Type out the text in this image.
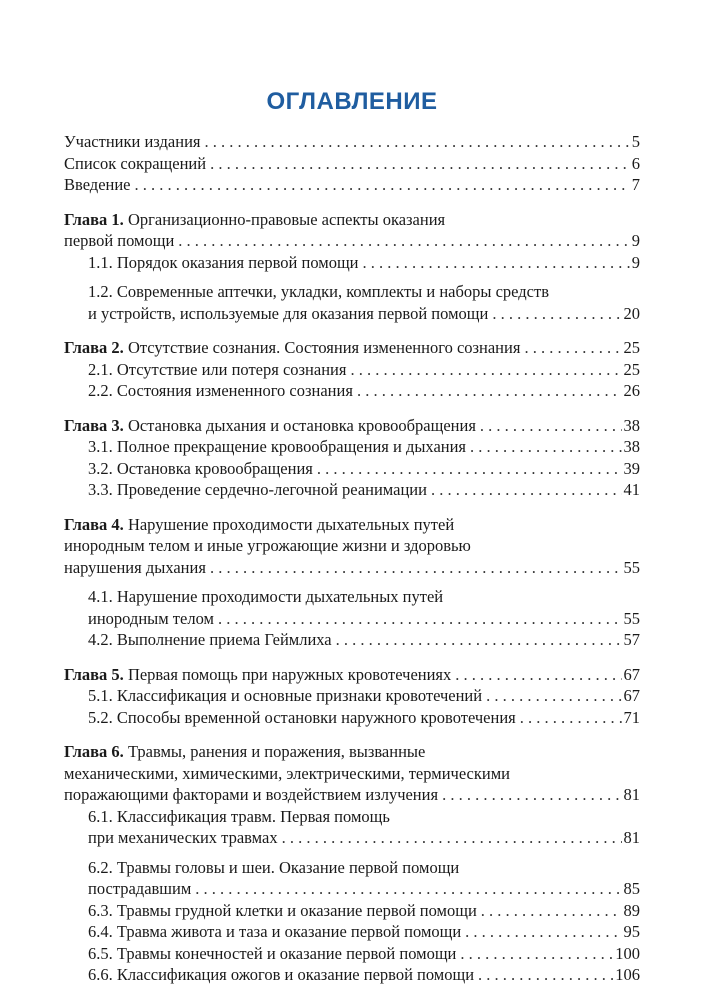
ОГЛАВЛЕНИЕ
Участники издания . . .	5
Список сокращений . . .	6
Введение . . .	7
Глава 1. Организационно-правовые аспекты оказания
первой помощи . . .	9
1.1. Порядок оказания первой помощи . . .	9
1.2. Современные аптечки, укладки, комплекты и наборы средств
и устройств, используемые для оказания первой помощи . . .	20
Глава 2. Отсутствие сознания. Состояния измененного сознания . . .	25
2.1. Отсутствие или потеря сознания . . .	25
2.2. Состояния измененного сознания . . .	26
Глава 3. Остановка дыхания и остановка кровообращения . . .	38
3.1. Полное прекращение кровообращения и дыхания . . .	38
3.2. Остановка кровообращения . . .	39
3.3. Проведение сердечно-легочной реанимации . . .	41
Глава 4. Нарушение проходимости дыхательных путей
инородным телом и иные угрожающие жизни и здоровью
нарушения дыхания . . .	55
4.1. Нарушение проходимости дыхательных путей
инородным телом . . .	55
4.2. Выполнение приема Геймлиха . . .	57
Глава 5. Первая помощь при наружных кровотечениях . . .	67
5.1. Классификация и основные признаки кровотечений . . .	67
5.2. Способы временной остановки наружного кровотечения . . .	71
Глава 6. Травмы, ранения и поражения, вызванные
механическими, химическими, электрическими, термическими
поражающими факторами и воздействием излучения . . .	81
6.1. Классификация травм. Первая помощь
при механических травмах . . .	81
6.2. Травмы головы и шеи. Оказание первой помощи
пострадавшим . . .	85
6.3. Травмы грудной клетки и оказание первой помощи . . .	89
6.4. Травма живота и таза и оказание первой помощи . . .	95
6.5. Травмы конечностей и оказание первой помощи . . .	100
6.6. Классификация ожогов и оказание первой помощи . . .	106
